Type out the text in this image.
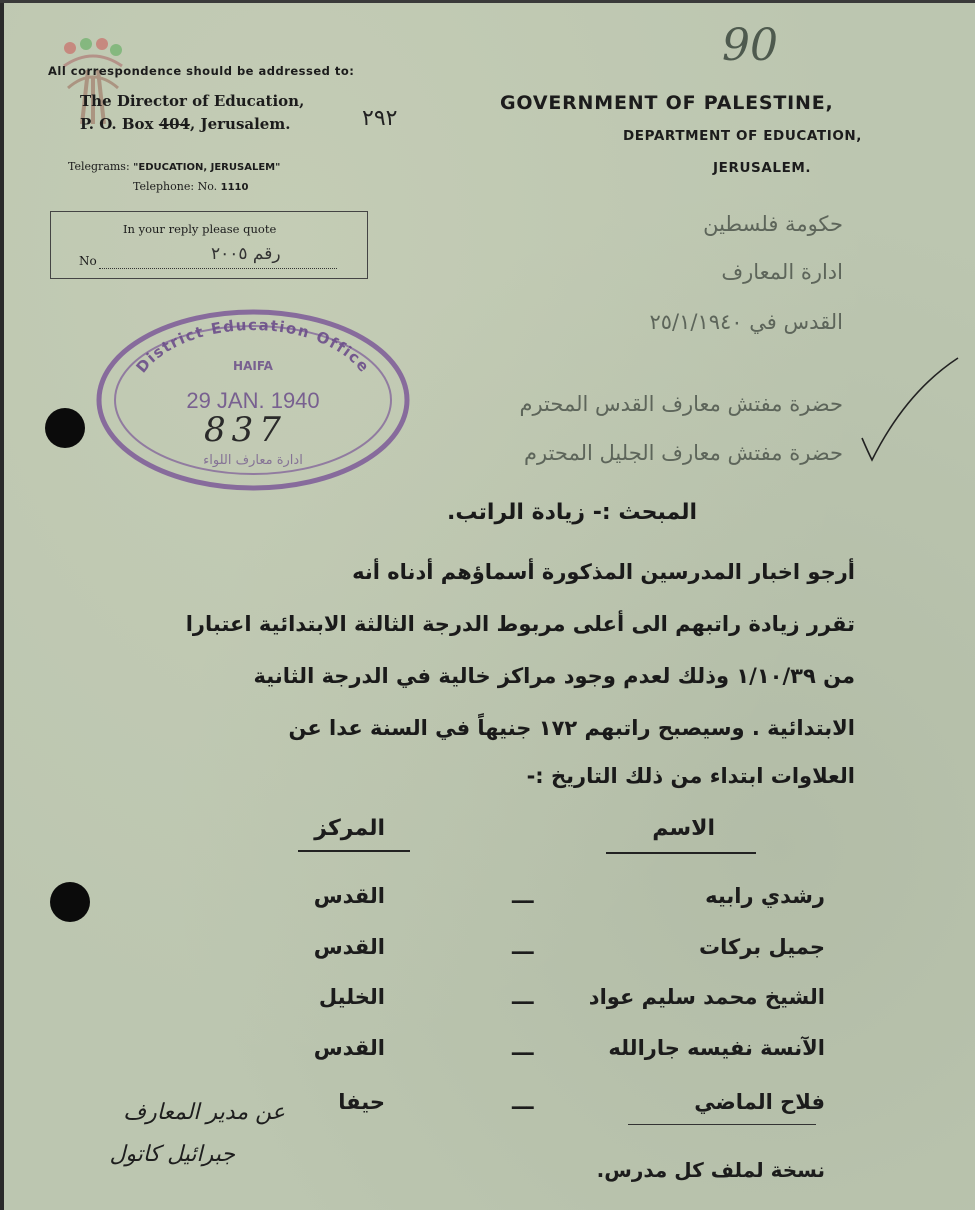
All correspondence should be addressed to:
The Director of Education,
P. O. Box 404, Jerusalem.
Telegrams: "EDUCATION, JERUSALEM"
Telephone: No. 1110
٢٩٢
In your reply please quote
No	رقم ٢٠٠٥
90
GOVERNMENT OF PALESTINE,
DEPARTMENT OF EDUCATION,
JERUSALEM.
حكومة فلسطين
ادارة المعارف
القدس في ٢٥/١/١٩٤٠
حضرة مفتش معارف القدس المحترم
حضرة مفتش معارف الجليل المحترم
District Education Office
HAIFA
29 JAN. 1940
ادارة معارف اللواء
837
المبحث :- زيادة الراتب.
أرجو اخبار المدرسين المذكورة أسماؤهم أدناه أنه
تقرر زيادة راتبهم الى أعلى مربوط الدرجة الثالثة الابتدائية اعتبارا
من ١/١٠/٣٩ وذلك لعدم وجود مراكز خالية في الدرجة الثانية
الابتدائية . وسيصبح راتبهم ١٧٢ جنيهاً في السنة عدا عن
العلاوات ابتداء من ذلك التاريخ :-
الاسم
المركز
رشدي رابيه
ـــ
القدس
جميل بركات
ـــ
القدس
الشيخ محمد سليم عواد
ـــ
الخليل
الآنسة نفيسه جارالله
ـــ
القدس
فلاح الماضي
ـــ
حيفا
نسخة لملف كل مدرس.
عن مدير المعارف
جبرائيل كاتول
